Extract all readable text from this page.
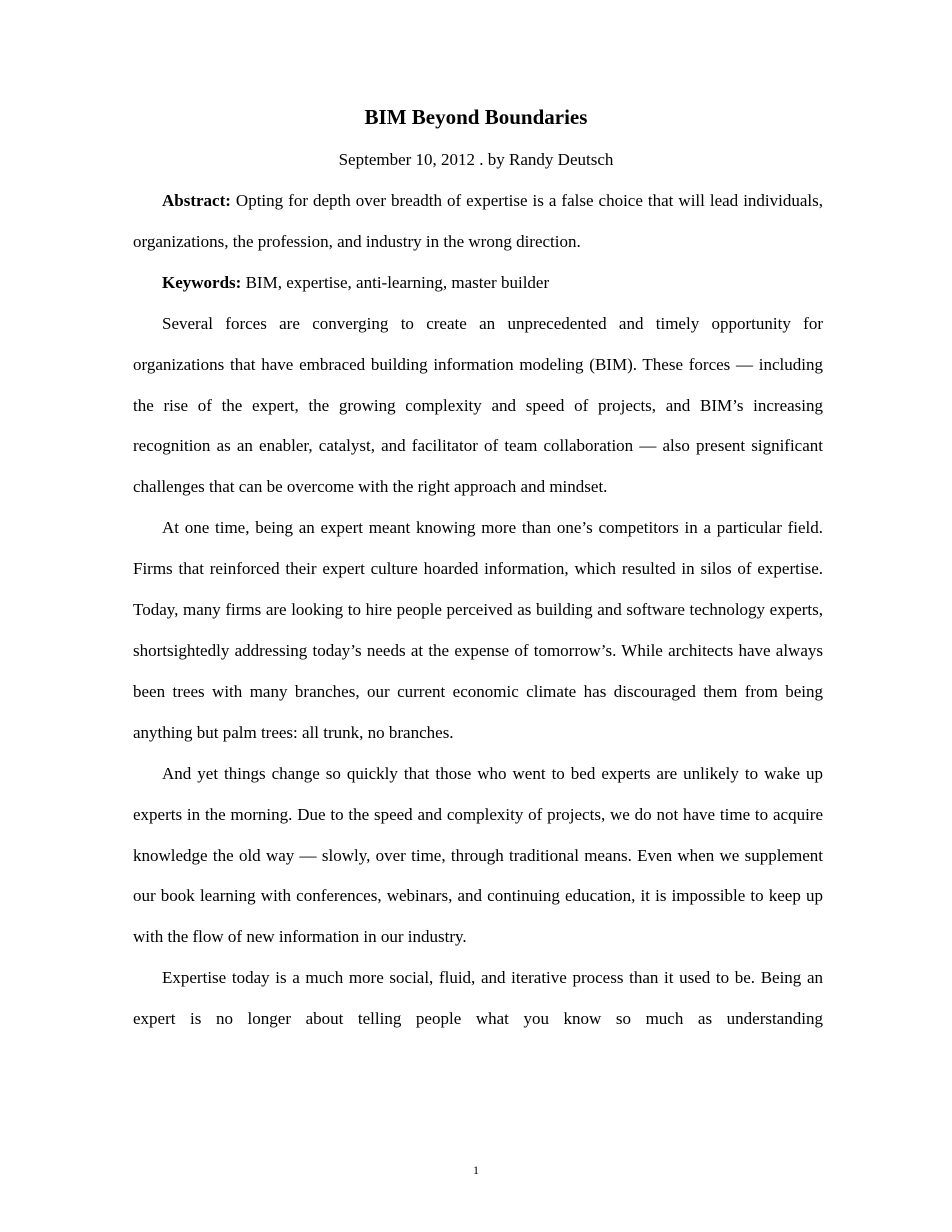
BIM Beyond Boundaries

September 10, 2012 . by Randy Deutsch

Abstract: Opting for depth over breadth of expertise is a false choice that will lead individuals, organizations, the profession, and industry in the wrong direction.

Keywords: BIM, expertise, anti-learning, master builder

Several forces are converging to create an unprecedented and timely opportunity for organizations that have embraced building information modeling (BIM). These forces — including the rise of the expert, the growing complexity and speed of projects, and BIM’s increasing recognition as an enabler, catalyst, and facilitator of team collaboration — also present significant challenges that can be overcome with the right approach and mindset.

At one time, being an expert meant knowing more than one’s competitors in a particular field. Firms that reinforced their expert culture hoarded information, which resulted in silos of expertise. Today, many firms are looking to hire people perceived as building and software technology experts, shortsightedly addressing today’s needs at the expense of tomorrow’s. While architects have always been trees with many branches, our current economic climate has discouraged them from being anything but palm trees: all trunk, no branches.

And yet things change so quickly that those who went to bed experts are unlikely to wake up experts in the morning. Due to the speed and complexity of projects, we do not have time to acquire knowledge the old way — slowly, over time, through traditional means. Even when we supplement our book learning with conferences, webinars, and continuing education, it is impossible to keep up with the flow of new information in our industry.

Expertise today is a much more social, fluid, and iterative process than it used to be. Being an expert is no longer about telling people what you know so much as understanding

1
